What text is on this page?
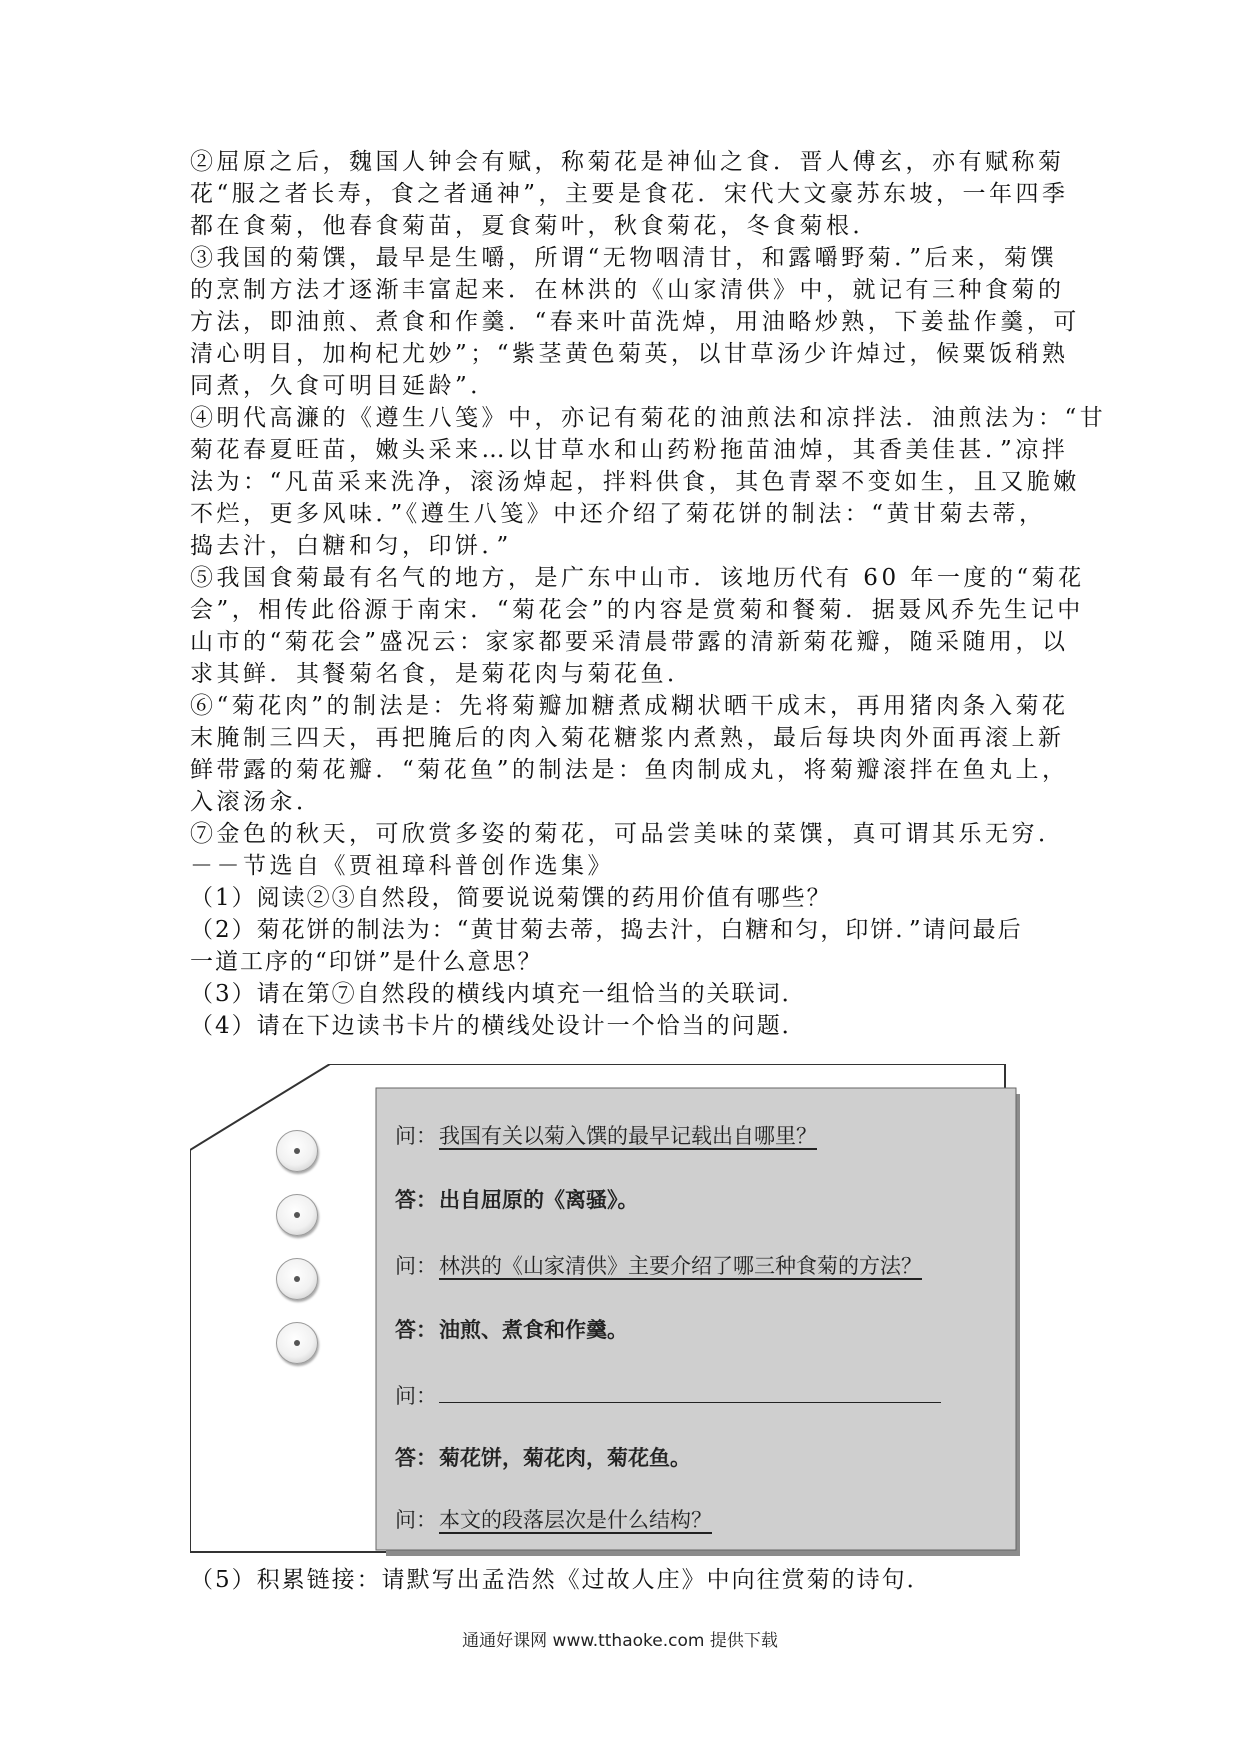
②屈原之后，魏国人钟会有赋，称菊花是神仙之食．晋人傅玄，亦有赋称菊
花“服之者长寿，食之者通神”，主要是食花．宋代大文豪苏东坡，一年四季
都在食菊，他春食菊苗，夏食菊叶，秋食菊花，冬食菊根．
③我国的菊馔，最早是生嚼，所谓“无物咽清甘，和露嚼野菊．”后来，菊馔
的烹制方法才逐渐丰富起来．在林洪的《山家清供》中，就记有三种食菊的
方法，即油煎、煮食和作羹．“春来叶苗洗焯，用油略炒熟，下姜盐作羹，可
清心明目，加枸杞尤妙”；“紫茎黄色菊英，以甘草汤少许焯过，候粟饭稍熟
同煮，久食可明目延龄”．
④明代高濂的《遵生八笺》中，亦记有菊花的油煎法和凉拌法．油煎法为：“甘
菊花春夏旺苗，嫩头采来…以甘草水和山药粉拖苗油焯，其香美佳甚．”凉拌
法为：“凡苗采来洗净，滚汤焯起，拌料供食，其色青翠不变如生，且又脆嫩
不烂，更多风味．”《遵生八笺》中还介绍了菊花饼的制法：“黄甘菊去蒂，
捣去汁，白糖和匀，印饼．”
⑤我国食菊最有名气的地方，是广东中山市．该地历代有 60 年一度的“菊花
会”，相传此俗源于南宋．“菊花会”的内容是赏菊和餐菊．据聂风乔先生记中
山市的“菊花会”盛况云：家家都要采清晨带露的清新菊花瓣，随采随用，以
求其鲜．其餐菊名食，是菊花肉与菊花鱼．
⑥“菊花肉”的制法是：先将菊瓣加糖煮成糊状晒干成末，再用猪肉条入菊花
末腌制三四天，再把腌后的肉入菊花糖浆内煮熟，最后每块肉外面再滚上新
鲜带露的菊花瓣．“菊花鱼”的制法是：鱼肉制成丸，将菊瓣滚拌在鱼丸上，
入滚汤汆．
⑦金色的秋天，可欣赏多姿的菊花，可品尝美味的菜馔，真可谓其乐无穷．
－－节选自《贾祖璋科普创作选集》
（1）阅读②③自然段，简要说说菊馔的药用价值有哪些？
（2）菊花饼的制法为：“黄甘菊去蒂，捣去汁，白糖和匀，印饼．”请问最后
一道工序的“印饼”是什么意思？
（3）请在第⑦自然段的横线内填充一组恰当的关联词．
（4）请在下边读书卡片的横线处设计一个恰当的问题．
问：我国有关以菊入馔的最早记载出自哪里？
答：出自屈原的《离骚》。
问：林洪的《山家清供》主要介绍了哪三种食菊的方法？
答：油煎、煮食和作羹。
问：
答：菊花饼，菊花肉，菊花鱼。
问：本文的段落层次是什么结构？
（5）积累链接：请默写出孟浩然《过故人庄》中向往赏菊的诗句．
通通好课网 www.tthaoke.com 提供下载
